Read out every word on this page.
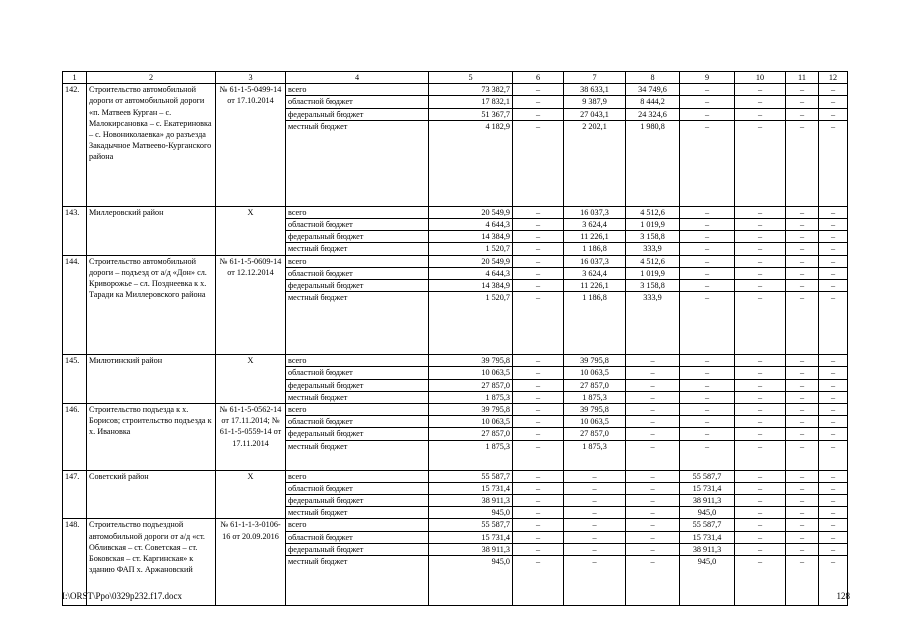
1	2	3	4	5	6	7	8	9	10	11	12
142.	Строительство автомобильной дороги от автомобильной дороги «п. Матвеев Курган – с. Малокирсановка – с. Екатериновка – с. Новониколаевка» до разъезда Закадычное Матвеево-Курганского района	№ 61-1-5-0499-14 от 17.10.2014	всего	73 382,7	–	38 633,1	34 749,6	–	–	–	–
			областной бюджет	17 832,1	–	9 387,9	8 444,2	–	–	–	–
			федеральный бюджет	51 367,7	–	27 043,1	24 324,6	–	–	–	–
			местный бюджет	4 182,9	–	2 202,1	1 980,8	–	–	–	–
143.	Миллеровский район	Х	всего	20 549,9	–	16 037,3	4 512,6	–	–	–	–
			областной бюджет	4 644,3	–	3 624,4	1 019,9	–	–	–	–
			федеральный бюджет	14 384,9	–	11 226,1	3 158,8	–	–	–	–
			местный бюджет	1 520,7	–	1 186,8	333,9	–	–	–	–
144.	Строительство автомобильной дороги – подъезд от а/д «Дон» сл. Криворожье – сл. Позднеевка к х. Таради ка Миллеровского района	№ 61-1-5-0609-14 от 12.12.2014	всего	20 549,9	–	16 037,3	4 512,6	–	–	–	–
			областной бюджет	4 644,3	–	3 624,4	1 019,9	–	–	–	–
			федеральный бюджет	14 384,9	–	11 226,1	3 158,8	–	–	–	–
			местный бюджет	1 520,7	–	1 186,8	333,9	–	–	–	–
145.	Милютинский район	Х	всего	39 795,8	–	39 795,8	–	–	–	–	–
			областной бюджет	10 063,5	–	10 063,5	–	–	–	–	–
			федеральный бюджет	27 857,0	–	27 857,0	–	–	–	–	–
			местный бюджет	1 875,3	–	1 875,3	–	–	–	–	–
146.	Строительство подъезда к х. Борисов; строительство подъезда к х. Ивановка	№ 61-1-5-0562-14 от 17.11.2014; № 61-1-5-0559-14 от 17.11.2014	всего	39 795,8	–	39 795,8	–	–	–	–	–
			областной бюджет	10 063,5	–	10 063,5	–	–	–	–	–
			федеральный бюджет	27 857,0	–	27 857,0	–	–	–	–	–
			местный бюджет	1 875,3	–	1 875,3	–	–	–	–	–
147.	Советский район	Х	всего	55 587,7	–	–	–	55 587,7	–	–	–
			областной бюджет	15 731,4	–	–	–	15 731,4	–	–	–
			федеральный бюджет	38 911,3	–	–	–	38 911,3	–	–	–
			местный бюджет	945,0	–	–	–	945,0	–	–	–
148.	Строительство подъездной автомобильной дороги от а/д «ст. Обливская – ст. Советская – ст. Боковская – ст. Каргинская» к зданию ФАП х. Аржановский	№ 61-1-1-3-0106-16 от 20.09.2016	всего	55 587,7	–	–	–	55 587,7	–	–	–
			областной бюджет	15 731,4	–	–	–	15 731,4	–	–	–
			федеральный бюджет	38 911,3	–	–	–	38 911,3	–	–	–
			местный бюджет	945,0	–	–	–	945,0	–	–	–
I:\ORST\Ppo\0329p232.f17.docx	128
